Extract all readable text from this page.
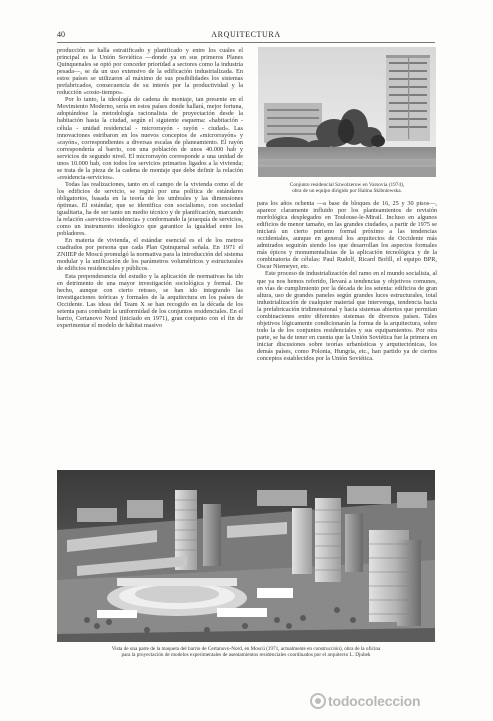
40	ARQUITECTURA

producción se halla estratificado y planificado y entre los cuales el principal es la Unión Soviética —donde ya en sus primeros Planes Quinquenales se optó por conceder prioridad a sectores como la industria pesada—, se da un uso extensivo de la edificación industrializada. En estos países se utilizaron al máximo de sus posibilidades los sistemas prefabricados, consecuencia de su interés por la productividad y la reducción «costo-tiempo».

Por lo tanto, la ideología de cadena de montaje, tan presente en el Movimiento Moderno, sería en estos países donde hallará, mejor fortuna, adoptándose la metodología racionalista de proyectación desde la habitación hasta la ciudad, según el siguiente esquema: «habitación - célula - unidad residencial - microrrayón - rayón - ciudad». Las innovaciones estribaron en los nuevos conceptos de «microrrayón» y «rayón», correspondientes a diversas escalas de planeamiento. El rayón correspondería al barrio, con una población de unos 40.000 hab y servicios de segundo nivel. El microrrayón corresponde a una unidad de unos 10.000 hab, con todos los servicios primarios ligados a la vivienda; se trata de la pieza de la cadena de montaje que debe definir la relación «residencia-servicios».

Todas las realizaciones, tanto en el campo de la vivienda como el de los edificios de servicio, se regirá por una política de estándares obligatorios, basada en la teoría de los umbrales y las dimensiones óptimas. El estándar, que se identifica con socialismo, con sociedad igualitaria, ha de ser tanto un medio técnico y de planificación, marcando la relación «servicios-residencia» y conformando la jerarquía de servicios, como un instrumento ideológico que garantice la igualdad entre los pobladores.

En materia de vivienda, el estándar esencial es el de los metros cuadrados por persona que cada Plan Quinquenal señala. En 1971 el ZNIIEP de Moscú promulgó la normativa para la introducción del sistema modular y la unificación de los parámetros volumétricos y estructurales de edificios residenciales y públicos.

Esta preponderancia del estudio y la aplicación de normativas ha ido en detrimento de una mayor investigación sociológica y formal. De hecho, aunque con cierto retraso, se han ido integrando las investigaciones teóricas y formales de la arquitectura en los países de Occidente. Las ideas del Team X se han recogido en la década de los setenta para combatir la uniformidad de los conjuntos residenciales. En el barrio, Certanovo Nord (iniciado en 1971), gran conjunto con el fin de experimentar el modelo de hábitat masivo

Conjunto residencial Szwolzerow en Varsovia (1974),
obra de un equipo dirigido por Halina Skibniewska.

para los años ochenta —a base de bloques de 16, 25 y 30 pisos—, aparece claramente influido por los planteamientos de revisión morfológica desplegados en Toulouse-le-Mirail. Incluso en algunos edificios de menor tamaño, en las grandes ciudades, a partir de 1975 se iniciará un cierto purismo formal próximo a las tendencias occidentales, aunque en general los arquitectos de Occidente más admirados seguirán siendo los que desarrollan los aspectos formales más épicos y monumentalistas de la aplicación tecnológica y de la combinatoria de células: Paul Rudolf, Ricard Bofill, el equipo BPR, Oscar Niemeyer, etc.

Este proceso de industrialización del ramo en el mundo socialista, al que ya nos hemos referido, llevará a tendencias y objetivos comunes, en vías de cumplimiento por la década de los setenta: edificios de gran altura, uso de grandes paneles según grandes luces estructurales, total industrialización de cualquier material que intervenga, tendencia hacia la prefabricación tridimensional y hacia sistemas abiertos que permitan combinaciones entre diferentes sistemas de diversos países. Tales objetivos lógicamente condicionarán la forma de la arquitectura, sobre todo la de los conjuntos residenciales y sus equipamientos. Por otra parte, se ha de tener en cuenta que la Unión Soviética fue la primera en iniciar discusiones sobre teorías urbanísticas y arquitectónicas, los demás países, como Polonia, Hungría, etc., han partido ya de ciertos conceptos establecidos por la Unión Soviética.

Vista de una parte de la maqueta del barrio de Certanovo-Nord, en Moscú (1971, actualmente en construcción), obra de la oficina
para la proyectación de modelos experimentales de asentamientos residenciales coordinados por el arquitecto L. Djubek
todocoleccion
